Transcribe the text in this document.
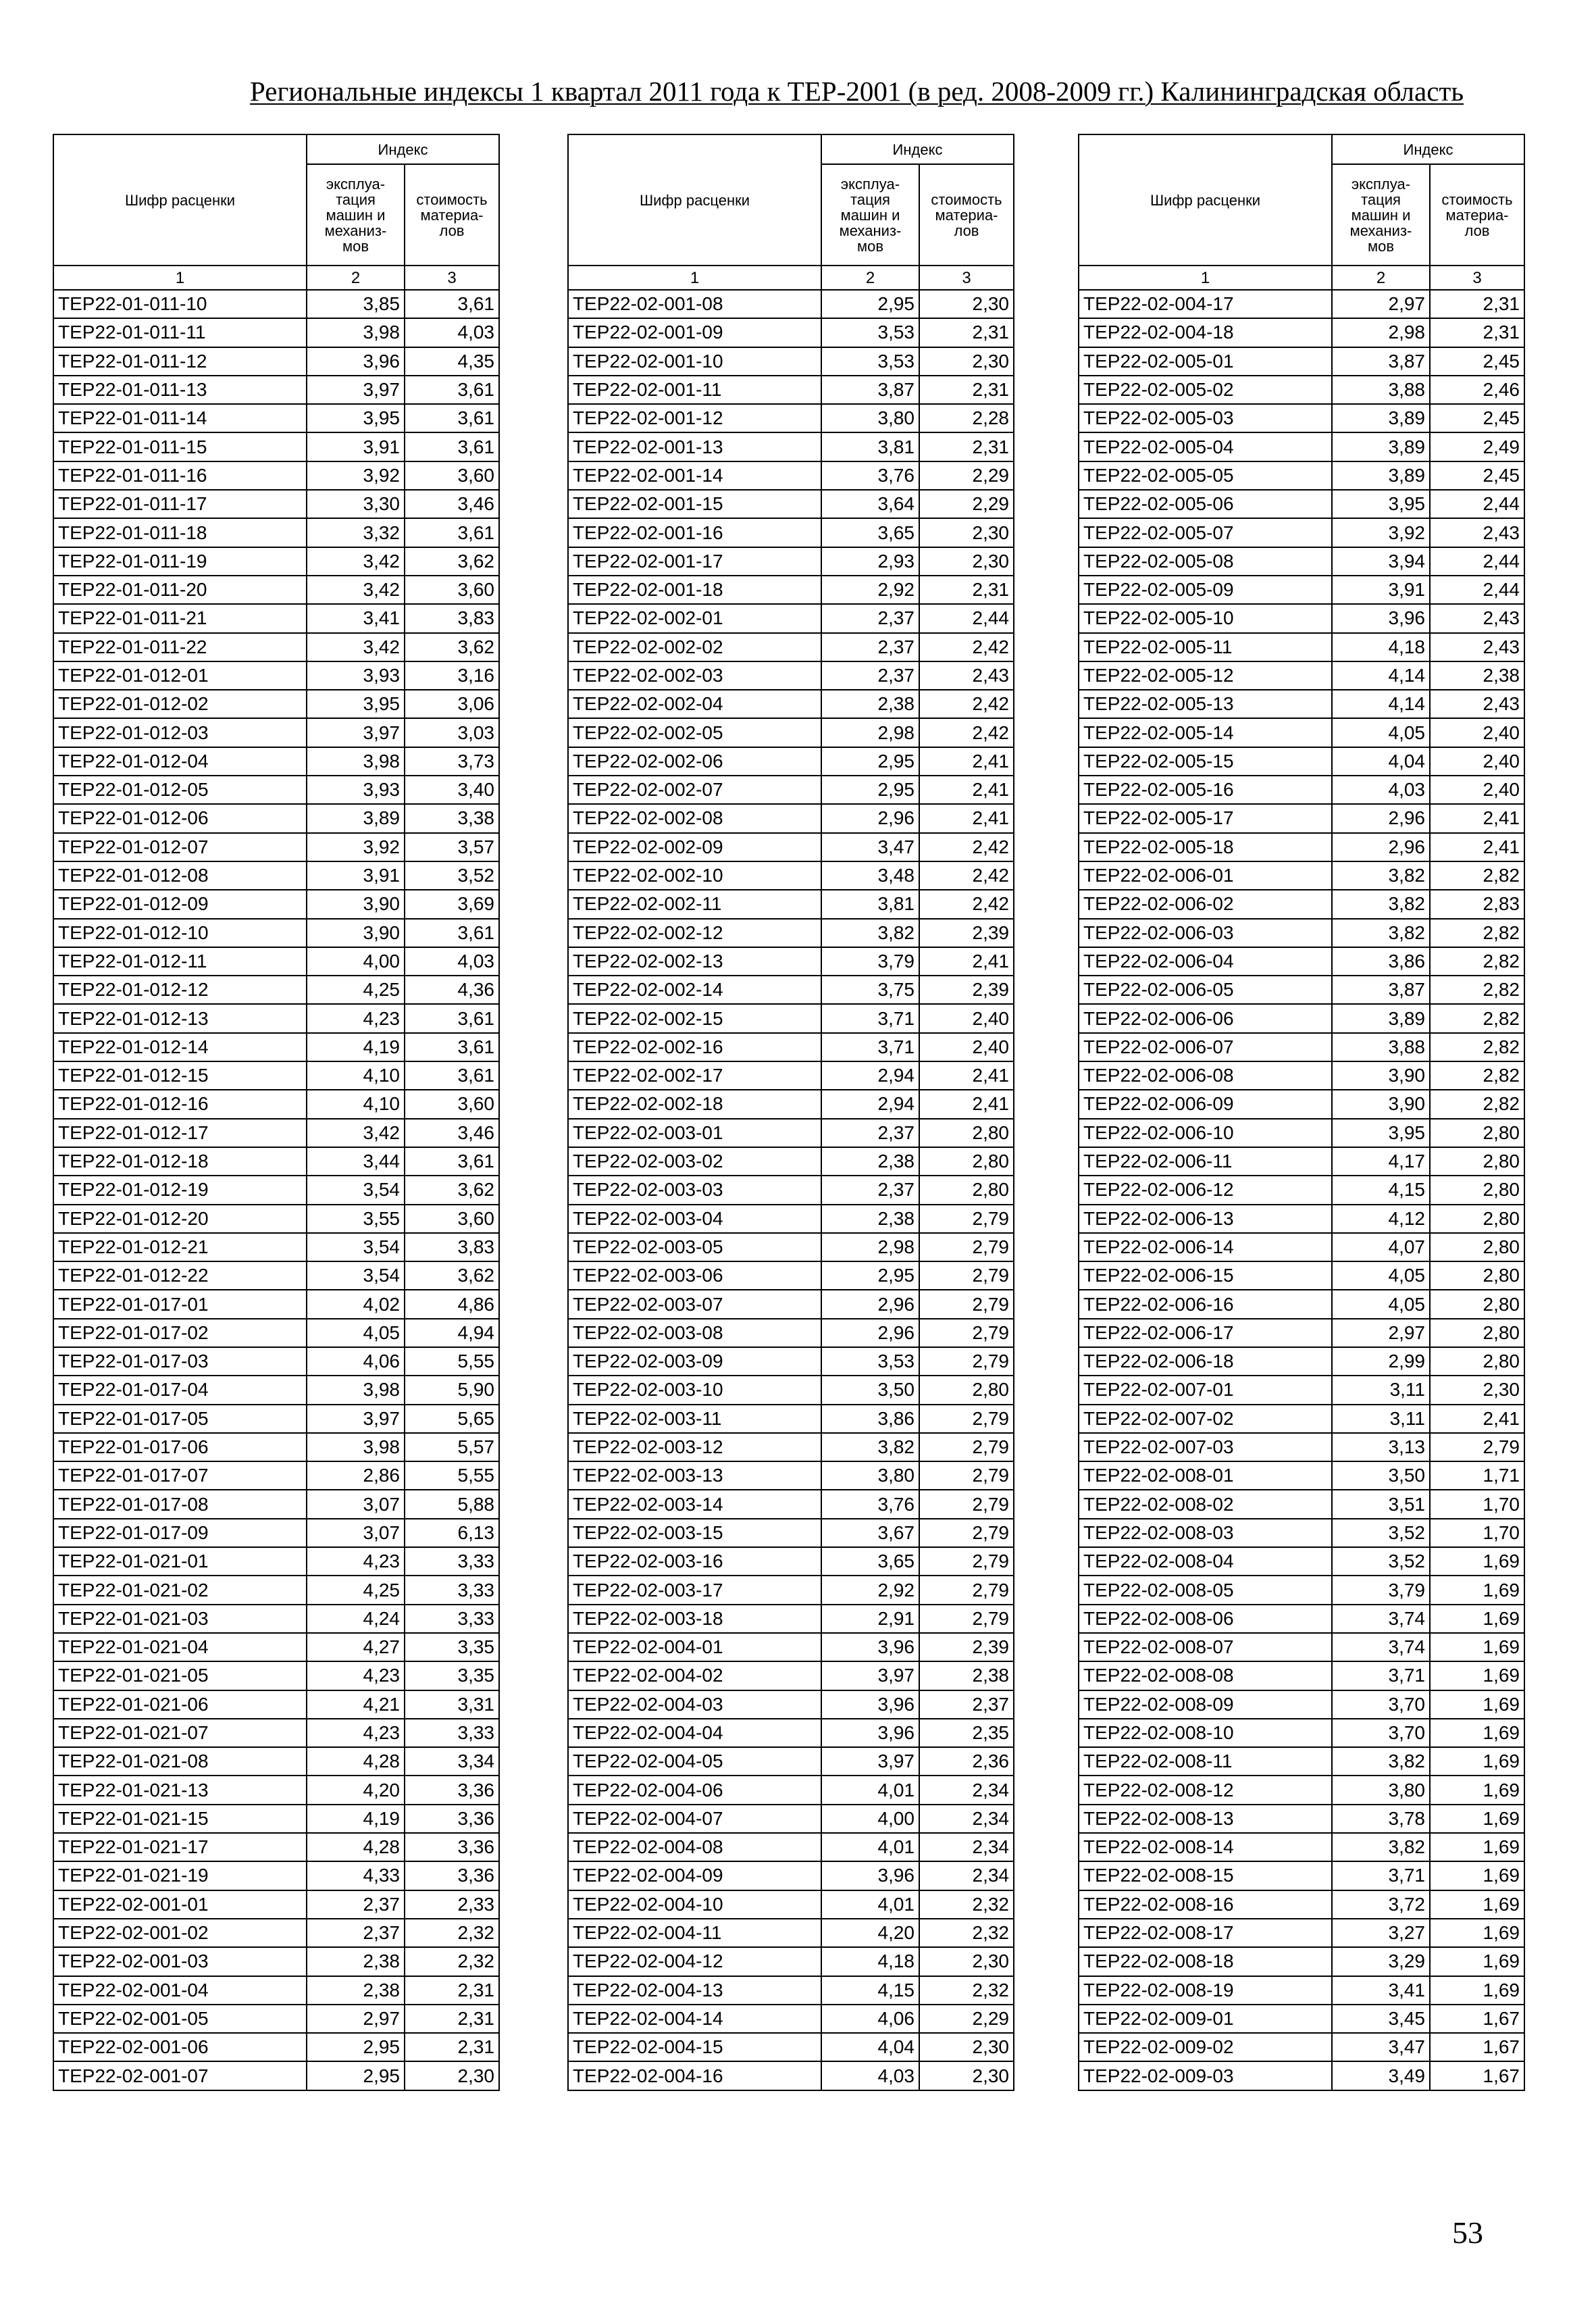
Региональные индексы 1 квартал 2011 года к ТЕР-2001 (в ред. 2008-2009 гг.) Калининградская область
Шифр расценки	Индекс	
	эксплуа-
тация
машин и
механиз-
мов	стоимость
материа-
лов
1	2	3
ТЕР22-01-011-10	3,85	3,61
ТЕР22-01-011-11	3,98	4,03
ТЕР22-01-011-12	3,96	4,35
ТЕР22-01-011-13	3,97	3,61
ТЕР22-01-011-14	3,95	3,61
ТЕР22-01-011-15	3,91	3,61
ТЕР22-01-011-16	3,92	3,60
ТЕР22-01-011-17	3,30	3,46
ТЕР22-01-011-18	3,32	3,61
ТЕР22-01-011-19	3,42	3,62
ТЕР22-01-011-20	3,42	3,60
ТЕР22-01-011-21	3,41	3,83
ТЕР22-01-011-22	3,42	3,62
ТЕР22-01-012-01	3,93	3,16
ТЕР22-01-012-02	3,95	3,06
ТЕР22-01-012-03	3,97	3,03
ТЕР22-01-012-04	3,98	3,73
ТЕР22-01-012-05	3,93	3,40
ТЕР22-01-012-06	3,89	3,38
ТЕР22-01-012-07	3,92	3,57
ТЕР22-01-012-08	3,91	3,52
ТЕР22-01-012-09	3,90	3,69
ТЕР22-01-012-10	3,90	3,61
ТЕР22-01-012-11	4,00	4,03
ТЕР22-01-012-12	4,25	4,36
ТЕР22-01-012-13	4,23	3,61
ТЕР22-01-012-14	4,19	3,61
ТЕР22-01-012-15	4,10	3,61
ТЕР22-01-012-16	4,10	3,60
ТЕР22-01-012-17	3,42	3,46
ТЕР22-01-012-18	3,44	3,61
ТЕР22-01-012-19	3,54	3,62
ТЕР22-01-012-20	3,55	3,60
ТЕР22-01-012-21	3,54	3,83
ТЕР22-01-012-22	3,54	3,62
ТЕР22-01-017-01	4,02	4,86
ТЕР22-01-017-02	4,05	4,94
ТЕР22-01-017-03	4,06	5,55
ТЕР22-01-017-04	3,98	5,90
ТЕР22-01-017-05	3,97	5,65
ТЕР22-01-017-06	3,98	5,57
ТЕР22-01-017-07	2,86	5,55
ТЕР22-01-017-08	3,07	5,88
ТЕР22-01-017-09	3,07	6,13
ТЕР22-01-021-01	4,23	3,33
ТЕР22-01-021-02	4,25	3,33
ТЕР22-01-021-03	4,24	3,33
ТЕР22-01-021-04	4,27	3,35
ТЕР22-01-021-05	4,23	3,35
ТЕР22-01-021-06	4,21	3,31
ТЕР22-01-021-07	4,23	3,33
ТЕР22-01-021-08	4,28	3,34
ТЕР22-01-021-13	4,20	3,36
ТЕР22-01-021-15	4,19	3,36
ТЕР22-01-021-17	4,28	3,36
ТЕР22-01-021-19	4,33	3,36
ТЕР22-02-001-01	2,37	2,33
ТЕР22-02-001-02	2,37	2,32
ТЕР22-02-001-03	2,38	2,32
ТЕР22-02-001-04	2,38	2,31
ТЕР22-02-001-05	2,97	2,31
ТЕР22-02-001-06	2,95	2,31
ТЕР22-02-001-07	2,95	2,30
Шифр расценки	Индекс	
	эксплуа-
тация
машин и
механиз-
мов	стоимость
материа-
лов
1	2	3
ТЕР22-02-001-08	2,95	2,30
ТЕР22-02-001-09	3,53	2,31
ТЕР22-02-001-10	3,53	2,30
ТЕР22-02-001-11	3,87	2,31
ТЕР22-02-001-12	3,80	2,28
ТЕР22-02-001-13	3,81	2,31
ТЕР22-02-001-14	3,76	2,29
ТЕР22-02-001-15	3,64	2,29
ТЕР22-02-001-16	3,65	2,30
ТЕР22-02-001-17	2,93	2,30
ТЕР22-02-001-18	2,92	2,31
ТЕР22-02-002-01	2,37	2,44
ТЕР22-02-002-02	2,37	2,42
ТЕР22-02-002-03	2,37	2,43
ТЕР22-02-002-04	2,38	2,42
ТЕР22-02-002-05	2,98	2,42
ТЕР22-02-002-06	2,95	2,41
ТЕР22-02-002-07	2,95	2,41
ТЕР22-02-002-08	2,96	2,41
ТЕР22-02-002-09	3,47	2,42
ТЕР22-02-002-10	3,48	2,42
ТЕР22-02-002-11	3,81	2,42
ТЕР22-02-002-12	3,82	2,39
ТЕР22-02-002-13	3,79	2,41
ТЕР22-02-002-14	3,75	2,39
ТЕР22-02-002-15	3,71	2,40
ТЕР22-02-002-16	3,71	2,40
ТЕР22-02-002-17	2,94	2,41
ТЕР22-02-002-18	2,94	2,41
ТЕР22-02-003-01	2,37	2,80
ТЕР22-02-003-02	2,38	2,80
ТЕР22-02-003-03	2,37	2,80
ТЕР22-02-003-04	2,38	2,79
ТЕР22-02-003-05	2,98	2,79
ТЕР22-02-003-06	2,95	2,79
ТЕР22-02-003-07	2,96	2,79
ТЕР22-02-003-08	2,96	2,79
ТЕР22-02-003-09	3,53	2,79
ТЕР22-02-003-10	3,50	2,80
ТЕР22-02-003-11	3,86	2,79
ТЕР22-02-003-12	3,82	2,79
ТЕР22-02-003-13	3,80	2,79
ТЕР22-02-003-14	3,76	2,79
ТЕР22-02-003-15	3,67	2,79
ТЕР22-02-003-16	3,65	2,79
ТЕР22-02-003-17	2,92	2,79
ТЕР22-02-003-18	2,91	2,79
ТЕР22-02-004-01	3,96	2,39
ТЕР22-02-004-02	3,97	2,38
ТЕР22-02-004-03	3,96	2,37
ТЕР22-02-004-04	3,96	2,35
ТЕР22-02-004-05	3,97	2,36
ТЕР22-02-004-06	4,01	2,34
ТЕР22-02-004-07	4,00	2,34
ТЕР22-02-004-08	4,01	2,34
ТЕР22-02-004-09	3,96	2,34
ТЕР22-02-004-10	4,01	2,32
ТЕР22-02-004-11	4,20	2,32
ТЕР22-02-004-12	4,18	2,30
ТЕР22-02-004-13	4,15	2,32
ТЕР22-02-004-14	4,06	2,29
ТЕР22-02-004-15	4,04	2,30
ТЕР22-02-004-16	4,03	2,30
Шифр расценки	Индекс	
	эксплуа-
тация
машин и
механиз-
мов	стоимость
материа-
лов
1	2	3
ТЕР22-02-004-17	2,97	2,31
ТЕР22-02-004-18	2,98	2,31
ТЕР22-02-005-01	3,87	2,45
ТЕР22-02-005-02	3,88	2,46
ТЕР22-02-005-03	3,89	2,45
ТЕР22-02-005-04	3,89	2,49
ТЕР22-02-005-05	3,89	2,45
ТЕР22-02-005-06	3,95	2,44
ТЕР22-02-005-07	3,92	2,43
ТЕР22-02-005-08	3,94	2,44
ТЕР22-02-005-09	3,91	2,44
ТЕР22-02-005-10	3,96	2,43
ТЕР22-02-005-11	4,18	2,43
ТЕР22-02-005-12	4,14	2,38
ТЕР22-02-005-13	4,14	2,43
ТЕР22-02-005-14	4,05	2,40
ТЕР22-02-005-15	4,04	2,40
ТЕР22-02-005-16	4,03	2,40
ТЕР22-02-005-17	2,96	2,41
ТЕР22-02-005-18	2,96	2,41
ТЕР22-02-006-01	3,82	2,82
ТЕР22-02-006-02	3,82	2,83
ТЕР22-02-006-03	3,82	2,82
ТЕР22-02-006-04	3,86	2,82
ТЕР22-02-006-05	3,87	2,82
ТЕР22-02-006-06	3,89	2,82
ТЕР22-02-006-07	3,88	2,82
ТЕР22-02-006-08	3,90	2,82
ТЕР22-02-006-09	3,90	2,82
ТЕР22-02-006-10	3,95	2,80
ТЕР22-02-006-11	4,17	2,80
ТЕР22-02-006-12	4,15	2,80
ТЕР22-02-006-13	4,12	2,80
ТЕР22-02-006-14	4,07	2,80
ТЕР22-02-006-15	4,05	2,80
ТЕР22-02-006-16	4,05	2,80
ТЕР22-02-006-17	2,97	2,80
ТЕР22-02-006-18	2,99	2,80
ТЕР22-02-007-01	3,11	2,30
ТЕР22-02-007-02	3,11	2,41
ТЕР22-02-007-03	3,13	2,79
ТЕР22-02-008-01	3,50	1,71
ТЕР22-02-008-02	3,51	1,70
ТЕР22-02-008-03	3,52	1,70
ТЕР22-02-008-04	3,52	1,69
ТЕР22-02-008-05	3,79	1,69
ТЕР22-02-008-06	3,74	1,69
ТЕР22-02-008-07	3,74	1,69
ТЕР22-02-008-08	3,71	1,69
ТЕР22-02-008-09	3,70	1,69
ТЕР22-02-008-10	3,70	1,69
ТЕР22-02-008-11	3,82	1,69
ТЕР22-02-008-12	3,80	1,69
ТЕР22-02-008-13	3,78	1,69
ТЕР22-02-008-14	3,82	1,69
ТЕР22-02-008-15	3,71	1,69
ТЕР22-02-008-16	3,72	1,69
ТЕР22-02-008-17	3,27	1,69
ТЕР22-02-008-18	3,29	1,69
ТЕР22-02-008-19	3,41	1,69
ТЕР22-02-009-01	3,45	1,67
ТЕР22-02-009-02	3,47	1,67
ТЕР22-02-009-03	3,49	1,67
53
